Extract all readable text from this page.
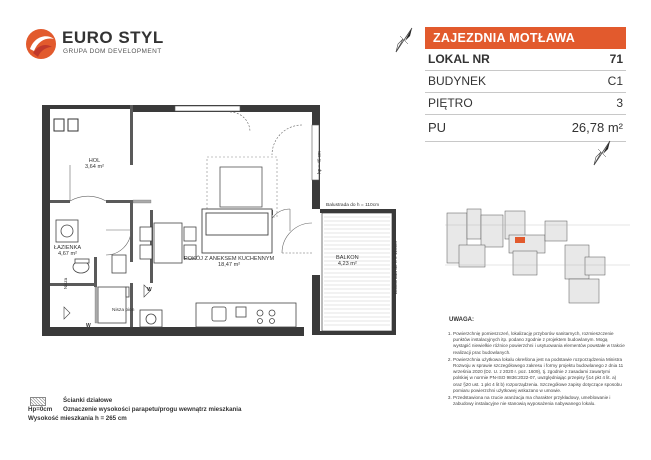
EURO STYL
GRUPA DOM DEVELOPMENT
ZAJEZDNIA MOTŁAWA
LOKAL NR	71
BUDYNEK	C1
PIĘTRO	3
PU	26,78 m²
HOL
3,64 m²
ŁAZIENKA
4,67 m²
POKÓJ Z ANEKSEM KUCHENNYM
18,47 m²
BALKON
4,23 m²
Balustrada do h = 110cm
Balustrada do h = 110cm
hp = 45 cm
Nisza
Nisza pion
W
W
UWAGA:
1. Powierzchnię pomieszczeń, lokalizację przyborów sanitarnych, rozmieszczenie punktów instalacyjnych itp. podano zgodnie z projektem budowlanym. Mogą wystąpić niewielkie różnice powierzchni i usytuowania elementów powstałe w trakcie realizacji prac budowlanych.
2. Powierzchnia użytkowa lokalu określona jest na podstawie rozporządzenia Ministra Rozwoju w sprawie szczegółowego zakresu i formy projektu budowlanego z dnia 11 września 2020 (Dz. U. z 2020 r. poz. 1609), tj. zgodnie z zasadami zawartymi polskiej w normie PN-ISO 9836:2022-07, uwzględniając przepisy §14 pkt 4 lit. a) oraz §20 ust. 1 pkt 4 lit b) rozporządzenia. Szczegółowe zapisy dotyczące sposobu pomiaru powierzchni użytkowej wskazano w umowie.
3. Przedstawiona na rzucie aranżacja ma charakter przykładowy, umeblowanie i zabudowy instalacyjne nie stanowią wyposażenia nabywanego lokalu.
Ścianki działowe
Hp=0cm Oznaczenie wysokości parapetu/progu wewnątrz mieszkania
Wysokość mieszkania h = 265 cm
